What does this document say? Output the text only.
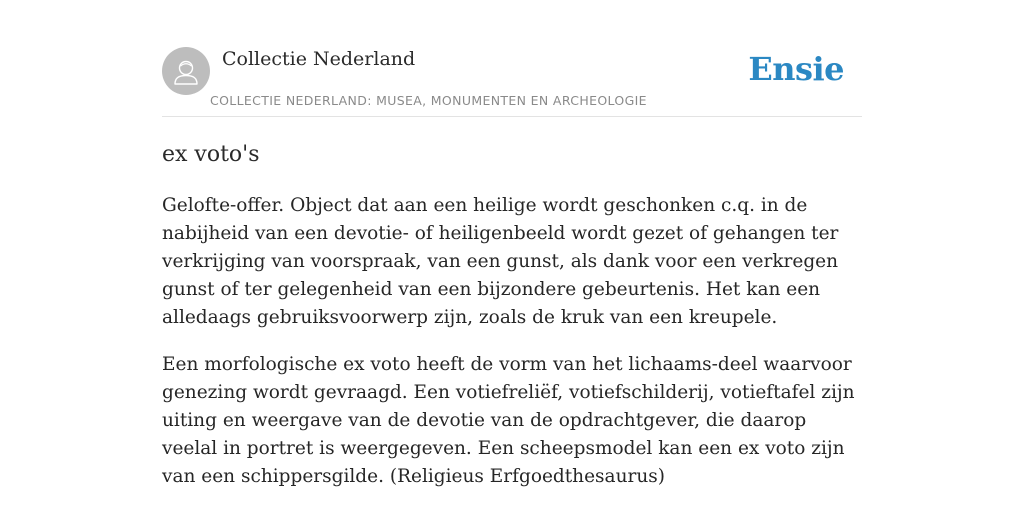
Collectie Nederland
COLLECTIE NEDERLAND: MUSEA, MONUMENTEN EN ARCHEOLOGIE
Ensie
ex voto's

Gelofte-offer. Object dat aan een heilige wordt geschonken c.q. in de nabijheid van een devotie- of heiligenbeeld wordt gezet of gehangen ter verkrijging van voorspraak, van een gunst, als dank voor een verkregen gunst of ter gelegenheid van een bijzondere gebeurtenis. Het kan een alledaags gebruiksvoorwerp zijn, zoals de kruk van een kreupele.

Een morfologische ex voto heeft de vorm van het lichaams-deel waarvoor genezing wordt gevraagd. Een votiefreliëf, votiefschilderij, votieftafel zijn uiting en weergave van de devotie van de opdrachtgever, die daarop veelal in portret is weergegeven. Een scheepsmodel kan een ex voto zijn van een schippersgilde. (Religieus Erfgoedthesaurus)
